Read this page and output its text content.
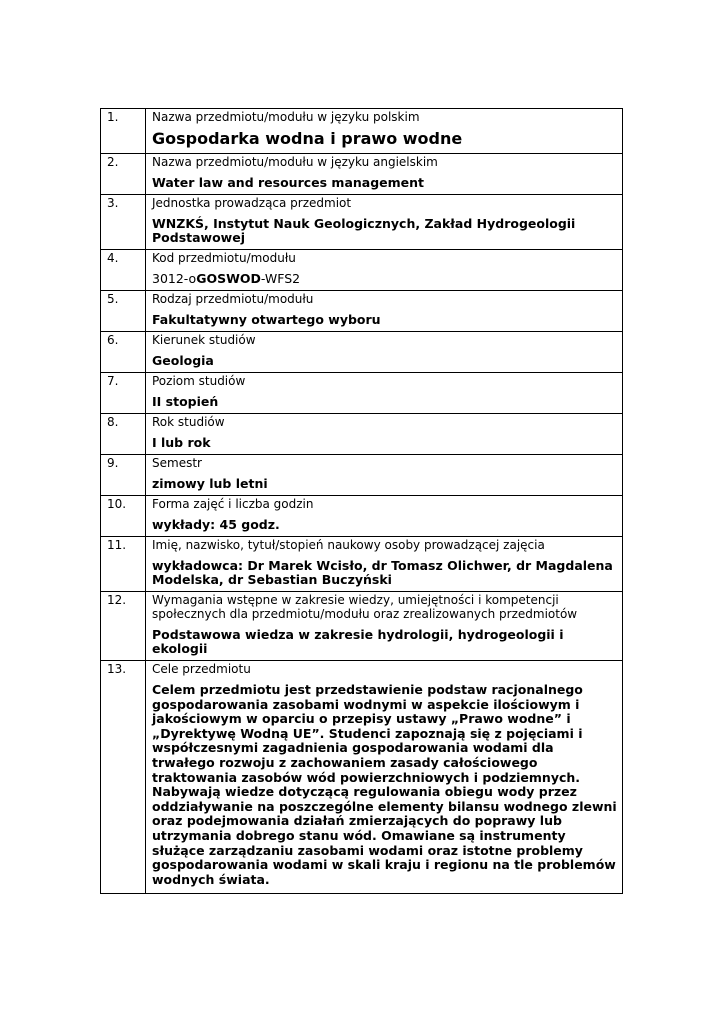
1.	Nazwa przedmiotu/modułu w języku polskim
Gospodarka wodna i prawo wodne

2.	Nazwa przedmiotu/modułu w języku angielskim
Water law and resources management

3.	Jednostka prowadząca przedmiot
WNZKŚ, Instytut Nauk Geologicznych, Zakład Hydrogeologii Podstawowej

4.	Kod przedmiotu/modułu
3012-oGOSWOD-WFS2

5.	Rodzaj przedmiotu/modułu
Fakultatywny otwartego wyboru

6.	Kierunek studiów
Geologia

7.	Poziom studiów
II stopień

8.	Rok studiów
I lub rok

9.	Semestr
zimowy lub letni

10.	Forma zajęć i liczba godzin
wykłady: 45 godz.

11.	Imię, nazwisko, tytuł/stopień naukowy osoby prowadzącej zajęcia
wykładowca: Dr Marek Wcisło, dr Tomasz Olichwer, dr Magdalena Modelska, dr Sebastian Buczyński

12.	Wymagania wstępne w zakresie wiedzy, umiejętności i kompetencji społecznych dla przedmiotu/modułu oraz zrealizowanych przedmiotów
Podstawowa wiedza w zakresie hydrologii, hydrogeologii i ekologii

13.	Cele przedmiotu
Celem przedmiotu jest przedstawienie podstaw racjonalnego gospodarowania zasobami wodnymi w aspekcie ilościowym i jakościowym w oparciu o przepisy ustawy „Prawo wodne” i „Dyrektywę Wodną UE”. Studenci zapoznają się z pojęciami i współczesnymi zagadnienia gospodarowania wodami dla trwałego rozwoju z zachowaniem zasady całościowego traktowania zasobów wód powierzchniowych i podziemnych. Nabywają wiedze dotyczącą regulowania obiegu wody przez oddziaływanie na poszczególne elementy bilansu wodnego zlewni oraz podejmowania działań zmierzających do poprawy lub utrzymania dobrego stanu wód. Omawiane są instrumenty służące zarządzaniu zasobami wodami oraz istotne problemy gospodarowania wodami w skali kraju i regionu na tle problemów wodnych świata.
